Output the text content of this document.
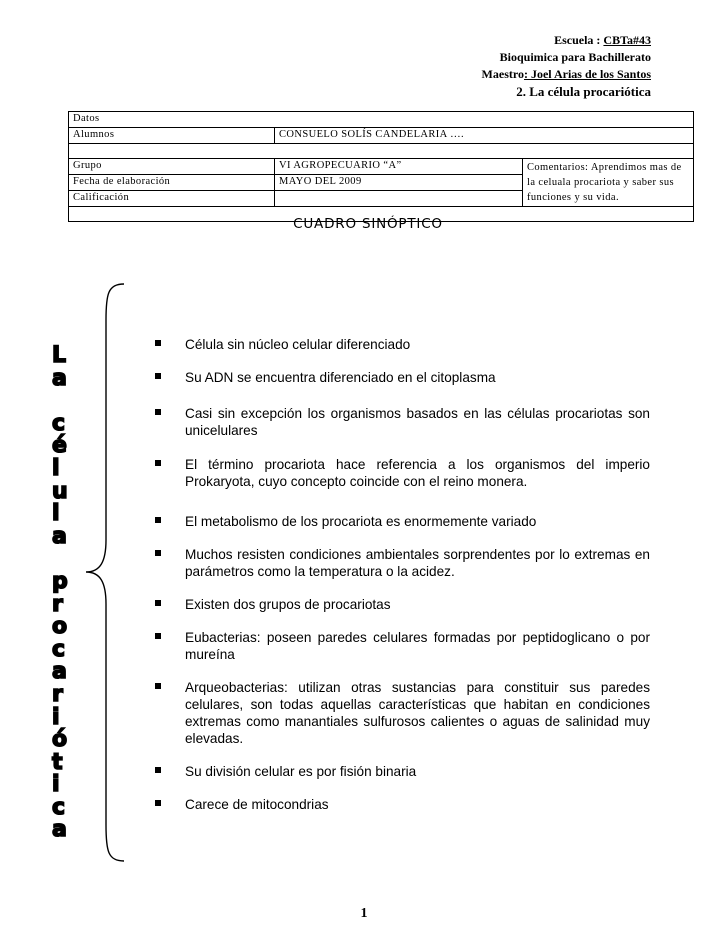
Escuela : CBTa#43
Bioquimica para Bachillerato
Maestro: Joel Arias de los Santos
2. La célula procarióticа
Datos		
Alumnos	CONSUELO SOLÍS CANDELARIA ….	

Grupo	VI AGROPECUARIO “A”	Comentarios: Aprendimos mas de la celuala procariota y saber sus funciones y su vida.
Fecha de elaboración	MAYO DEL 2009	
Calificación		

CUADRO SINÓPTICO
L
a
c
é
l
u
l
a
p
r
o
c
a
r
i
ó
t
i
c
a
Célula sin núcleo celular diferenciado
Su ADN se encuentra diferenciado en el citoplasma
Casi sin excepción los organismos basados en las células procariotas son unicelulares
El término procariota hace referencia a los organismos del imperio Prokaryota, cuyo concepto coincide con el reino monera.
El metabolismo de los procariota es enormemente variado
Muchos resisten condiciones ambientales sorprendentes por lo extremas en parámetros como la temperatura o la acidez.
Existen dos grupos de procariotas
Eubacterias: poseen paredes celulares formadas por peptidoglicano o por mureína
Arqueobacterias: utilizan otras sustancias para constituir sus paredes celulares, son todas aquellas características que habitan en condiciones extremas como manantiales sulfurosos calientes o aguas de salinidad muy elevadas.
Su división celular es por fisión binaria
Carece de mitocondrias
1
